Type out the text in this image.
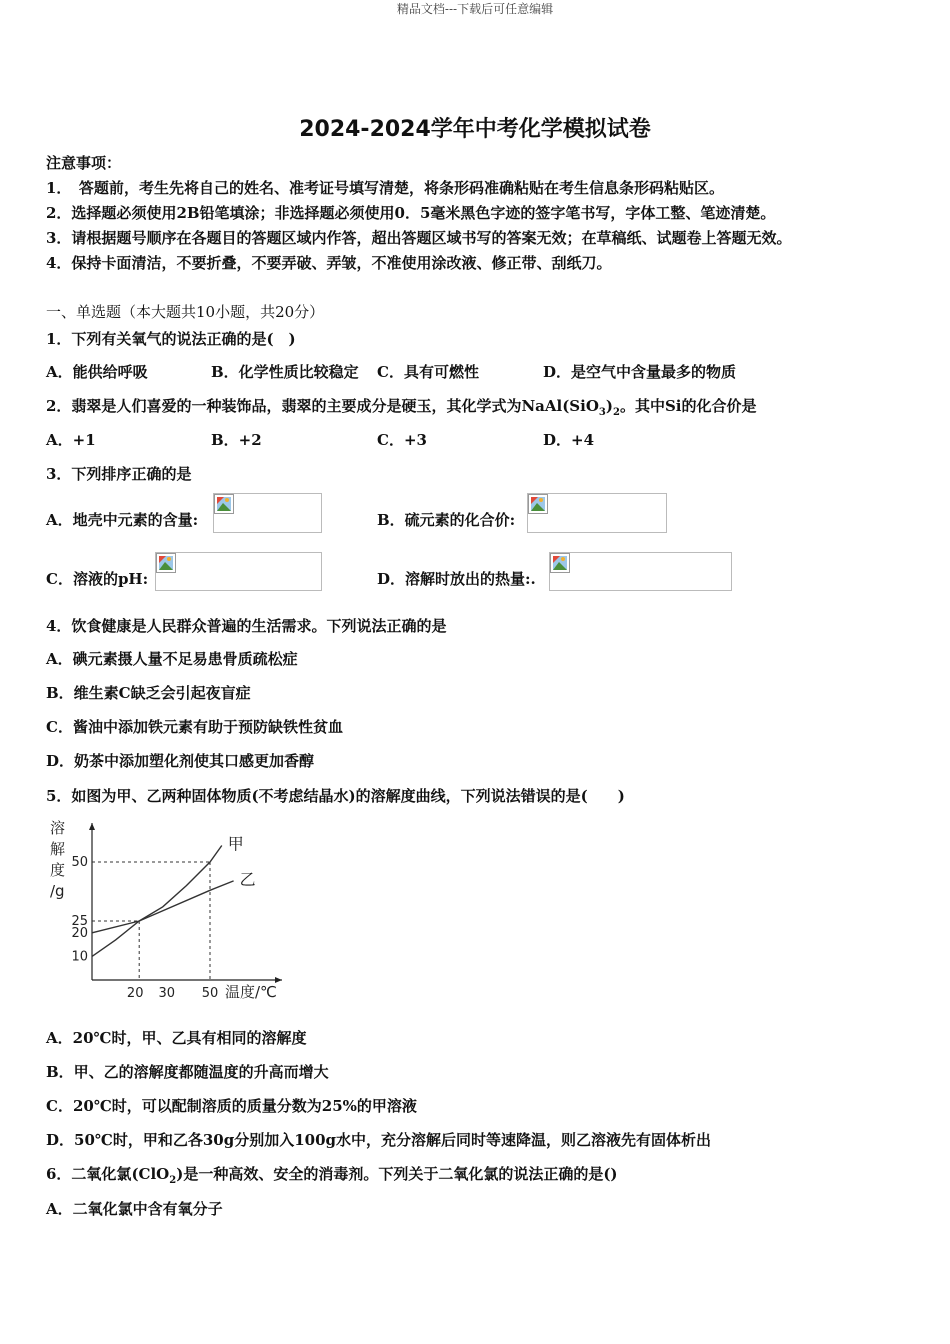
精品文档---下载后可任意编辑
2024-2024学年中考化学模拟试卷
注意事项：
1．　答题前，考生先将自己的姓名、准考证号填写清楚，将条形码准确粘贴在考生信息条形码粘贴区。
2．选择题必须使用2B铅笔填涂；非选择题必须使用0．5毫米黑色字迹的签字笔书写，字体工整、笔迹清楚。
3．请根据题号顺序在各题目的答题区域内作答，超出答题区域书写的答案无效；在草稿纸、试题卷上答题无效。
4．保持卡面清洁，不要折叠，不要弄破、弄皱，不准使用涂改液、修正带、刮纸刀。
一、单选题（本大题共10小题，共20分）
1．下列有关氧气的说法正确的是(　)
A．能供给呼吸	B．化学性质比较稳定 C．具有可燃性	D．是空气中含量最多的物质
2．翡翠是人们喜爱的一种装饰品，翡翠的主要成分是硬玉，其化学式为$NaAl(SiO_3)_2$。其中Si的化合价是
A．+1	B．+2	C．+3	D．+4
3．下列排序正确的是
A．地壳中元素的含量:	B．硫元素的化合价:
C．溶液的pH:	D．溶解时放出的热量:.
4．饮食健康是人民群众普遍的生活需求。下列说法正确的是
A．碘元素摄人量不足易患骨质疏松症
B．维生素C缺乏会引起夜盲症
C．酱油中添加铁元素有助于预防缺铁性贫血
D．奶茶中添加塑化剂使其口感更加香醇
5．如图为甲、乙两种固体物质(不考虑结晶水)的溶解度曲线，下列说法错误的是(　　)
甲
乙
10
20
25
50
20 30 50 温度/℃
溶
解
度
/g
A．20℃时，甲、乙具有相同的溶解度
B．甲、乙的溶解度都随温度的升高而增大
C．20℃时，可以配制溶质的质量分数为25%的甲溶液
D．50℃时，甲和乙各30g分别加入100g水中，充分溶解后同时等速降温，则乙溶液先有固体析出
6．二氧化氯(ClO$_2$)是一种高效、安全的消毒剂。下列关于二氧化氯的说法正确的是()
A．二氧化氯中含有氧分子
